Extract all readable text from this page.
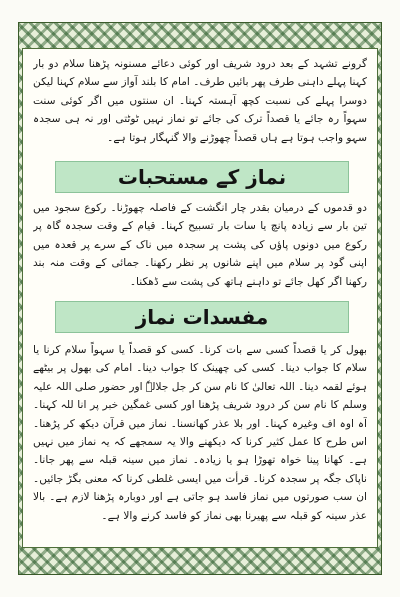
گرونے تشہد کے بعد درود شریف اور کوئی دعائے مسنونہ پڑھنا سلام دو بار کہنا پہلے داہنی طرف پھر بائیں طرف۔ امام کا بلند آواز سے سلام کہنا لیکن دوسرا پہلے کی نسبت کچھ آہستہ کہنا۔ ان سنتوں میں اگر کوئی سنت سہواً رہ جائے یا قصداً ترک کی جائے تو نماز نہیں ٹوٹتی اور نہ ہی سجدہ سہو واجب ہوتا ہے ہاں قصداً چھوڑنے والا گنہگار ہوتا ہے۔
نماز کے مستحبات
دو قدموں کے درمیان بقدر چار انگشت کے فاصلہ چھوڑنا۔ رکوع سجود میں تین بار سے زیادہ پانچ یا سات بار تسبیح کہنا۔ قیام کے وقت سجدہ گاہ پر رکوع میں دونوں پاؤں کی پشت پر سجدہ میں ناک کے سرے پر قعدہ میں اپنی گود پر سلام میں اپنے شانوں پر نظر رکھنا۔ جمائی کے وقت منہ بند رکھنا اگر کھل جائے تو داہنے ہاتھ کی پشت سے ڈھکنا۔
مفسدات نماز
بھول کر یا قصداً کسی سے بات کرنا۔ کسی کو قصداً یا سہواً سلام کرنا یا سلام کا جواب دینا۔ کسی کی چھینک کا جواب دینا۔ امام کی بھول پر بیٹھے ہوئے لقمہ دینا۔ اللہ تعالیٰ کا نام سن کر جل جلالہٗ اور حضور صلی اللہ علیہ وسلم کا نام سن کر درود شریف پڑھنا اور کسی غمگین خبر پر انا للہ کہنا۔ آہ اوہ اف وغیرہ کہنا۔ اور بلا عذر کھانسنا۔ نماز میں قرآن دیکھ کر پڑھنا۔ اس طرح کا عمل کثیر کرنا کہ دیکھنے والا یہ سمجھے کہ یہ نماز میں نہیں ہے۔ کھانا پینا خواہ تھوڑا ہو یا زیادہ۔ نماز میں سینہ قبلہ سے پھر جانا۔ ناپاک جگہ پر سجدہ کرنا۔ قرأت میں ایسی غلطی کرنا کہ معنی بگڑ جائیں۔ ان سب صورتوں میں نماز فاسد ہو جاتی ہے اور دوبارہ پڑھنا لازم ہے۔ بالا عذر سینہ کو قبلہ سے پھیرنا بھی نماز کو فاسد کرنے والا ہے۔
